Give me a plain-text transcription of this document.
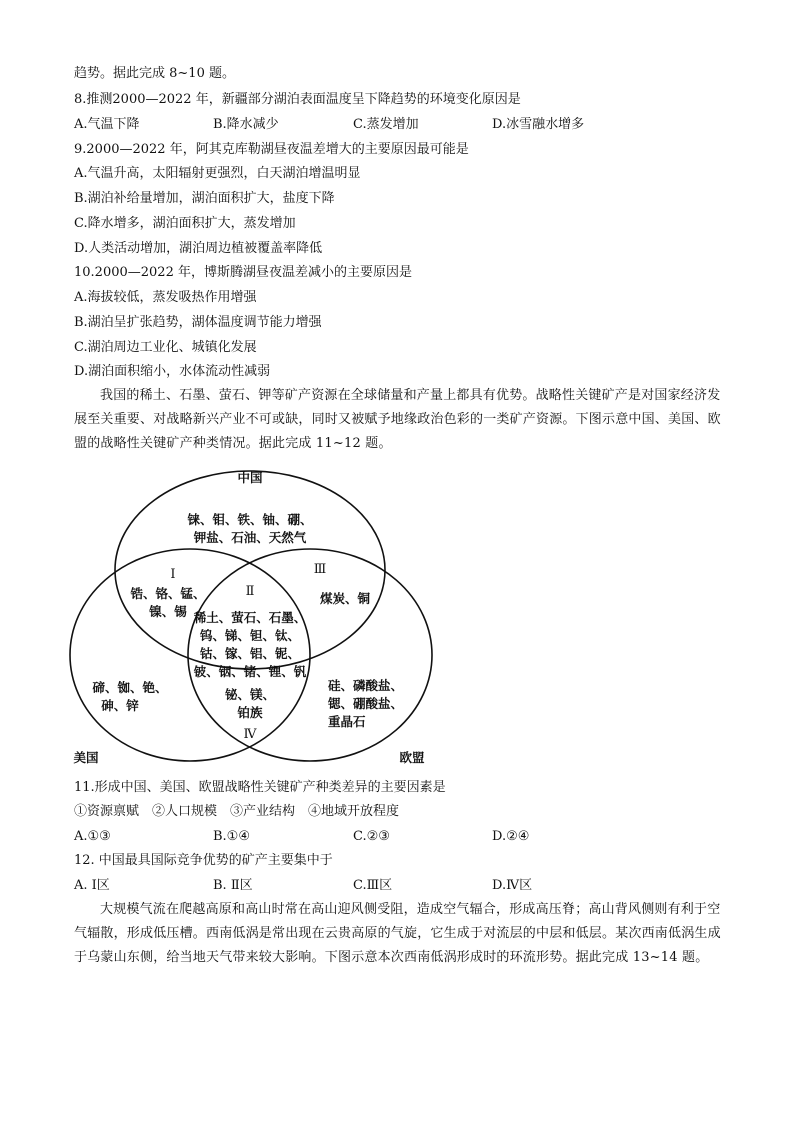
趋势。据此完成 8~10 题。
8.推测2000—2022 年，新疆部分湖泊表面温度呈下降趋势的环境变化原因是
A.气温下降	B.降水减少	C.蒸发增加	D.冰雪融水增多
9.2000—2022 年，阿其克库勒湖昼夜温差增大的主要原因最可能是
A.气温升高，太阳辐射更强烈，白天湖泊增温明显
B.湖泊补给量增加，湖泊面积扩大，盐度下降
C.降水增多，湖泊面积扩大，蒸发增加
D.人类活动增加，湖泊周边植被覆盖率降低
10.2000—2022 年，博斯腾湖昼夜温差减小的主要原因是
A.海拔较低，蒸发吸热作用增强
B.湖泊呈扩张趋势，湖体温度调节能力增强
C.湖泊周边工业化、城镇化发展
D.湖泊面积缩小，水体流动性减弱
我国的稀土、石墨、萤石、钾等矿产资源在全球储量和产量上都具有优势。战略性关键矿产是对国家经济发展至关重要、对战略新兴产业不可或缺，同时又被赋予地缘政治色彩的一类矿产资源。下图示意中国、美国、欧盟的战略性关键矿产种类情况。据此完成 11~12 题。
中国
美国	欧盟
铼、钼、铁、铀、硼、
钾盐、石油、天然气
Ⅰ
锆、铬、锰、
镍、锡
Ⅱ
Ⅲ
煤炭、铜
稀土、萤石、石墨、
钨、锑、钽、钛、
钴、镓、铝、铌、
铍、铟、锗、锂、钒
碲、铷、铯、
砷、锌
铋、镁、
铂族
Ⅳ
硅、磷酸盐、
锶、硼酸盐、
重晶石
11.形成中国、美国、欧盟战略性关键矿产种类差异的主要因素是
①资源禀赋　②人口规模　③产业结构　④地域开放程度
A.①③	B.①④	C.②③	D.②④
12. 中国最具国际竞争优势的矿产主要集中于
A. Ⅰ区	B. Ⅱ区	C.Ⅲ区	D.Ⅳ区
大规模气流在爬越高原和高山时常在高山迎风侧受阻，造成空气辐合，形成高压脊；高山背风侧则有利于空气辐散，形成低压槽。西南低涡是常出现在云贵高原的气旋，它生成于对流层的中层和低层。某次西南低涡生成于乌蒙山东侧，给当地天气带来较大影响。下图示意本次西南低涡形成时的环流形势。据此完成 13~14 题。
